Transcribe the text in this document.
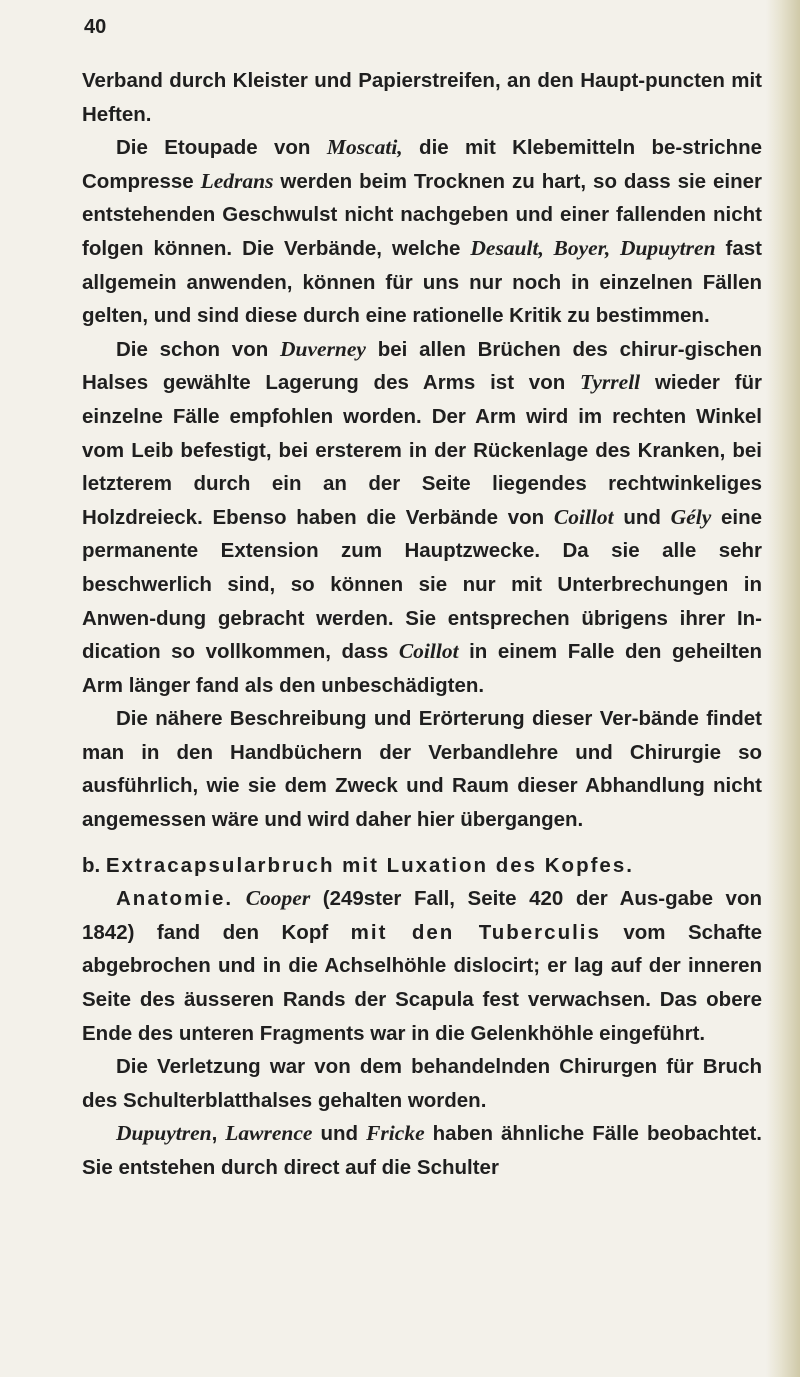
40

Verband durch Kleister und Papierstreifen, an den Haupt-puncten mit Heften.

Die Etoupade von Moscati, die mit Klebemitteln be-strichne Compresse Ledrans werden beim Trocknen zu hart, so dass sie einer entstehenden Geschwulst nicht nachgeben und einer fallenden nicht folgen können. Die Verbände, welche Desault, Boyer, Dupuytren fast allgemein anwenden, können für uns nur noch in einzelnen Fällen gelten, und sind diese durch eine rationelle Kritik zu bestimmen.

Die schon von Duverney bei allen Brüchen des chirur-gischen Halses gewählte Lagerung des Arms ist von Tyrrell wieder für einzelne Fälle empfohlen worden. Der Arm wird im rechten Winkel vom Leib befestigt, bei ersterem in der Rückenlage des Kranken, bei letzterem durch ein an der Seite liegendes rechtwinkeliges Holzdreieck. Ebenso haben die Verbände von Coillot und Gély eine permanente Extension zum Hauptzwecke. Da sie alle sehr beschwerlich sind, so können sie nur mit Unterbrechungen in Anwen-dung gebracht werden. Sie entsprechen übrigens ihrer In-dication so vollkommen, dass Coillot in einem Falle den geheilten Arm länger fand als den unbeschädigten.

Die nähere Beschreibung und Erörterung dieser Ver-bände findet man in den Handbüchern der Verbandlehre und Chirurgie so ausführlich, wie sie dem Zweck und Raum dieser Abhandlung nicht angemessen wäre und wird daher hier übergangen.

b. Extracapsularbruch mit Luxation des Kopfes.

Anatomie. Cooper (249ster Fall, Seite 420 der Aus-gabe von 1842) fand den Kopf mit den Tuberculis vom Schafte abgebrochen und in die Achselhöhle dislocirt; er lag auf der inneren Seite des äusseren Rands der Scapula fest verwachsen. Das obere Ende des unteren Fragments war in die Gelenkhöhle eingeführt.

Die Verletzung war von dem behandelnden Chirurgen für Bruch des Schulterblatthalses gehalten worden.

Dupuytren, Lawrence und Fricke haben ähnliche Fälle beobachtet. Sie entstehen durch direct auf die Schulter
